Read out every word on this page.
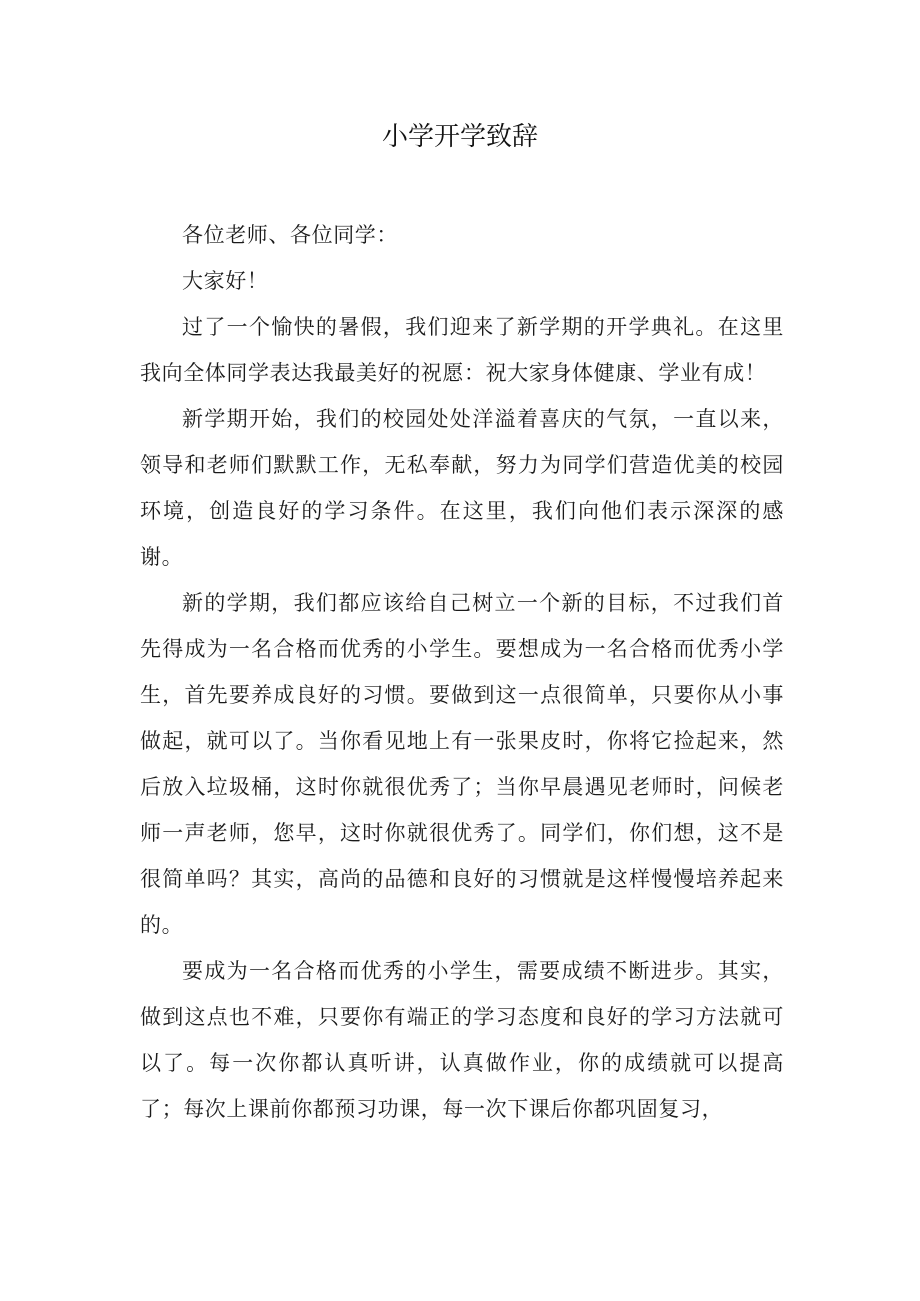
小学开学致辞

各位老师、各位同学：

大家好！

过了一个愉快的暑假，我们迎来了新学期的开学典礼。在这里我向全体同学表达我最美好的祝愿：祝大家身体健康、学业有成！

新学期开始，我们的校园处处洋溢着喜庆的气氛，一直以来，领导和老师们默默工作，无私奉献，努力为同学们营造优美的校园环境，创造良好的学习条件。在这里，我们向他们表示深深的感谢。

新的学期，我们都应该给自己树立一个新的目标，不过我们首先得成为一名合格而优秀的小学生。要想成为一名合格而优秀小学生，首先要养成良好的习惯。要做到这一点很简单，只要你从小事做起，就可以了。当你看见地上有一张果皮时，你将它捡起来，然后放入垃圾桶，这时你就很优秀了；当你早晨遇见老师时，问候老师一声老师，您早，这时你就很优秀了。同学们，你们想，这不是很简单吗？其实，高尚的品德和良好的习惯就是这样慢慢培养起来的。

要成为一名合格而优秀的小学生，需要成绩不断进步。其实，做到这点也不难，只要你有端正的学习态度和良好的学习方法就可以了。每一次你都认真听讲，认真做作业，你的成绩就可以提高了；每次上课前你都预习功课，每一次下课后你都巩固复习，
